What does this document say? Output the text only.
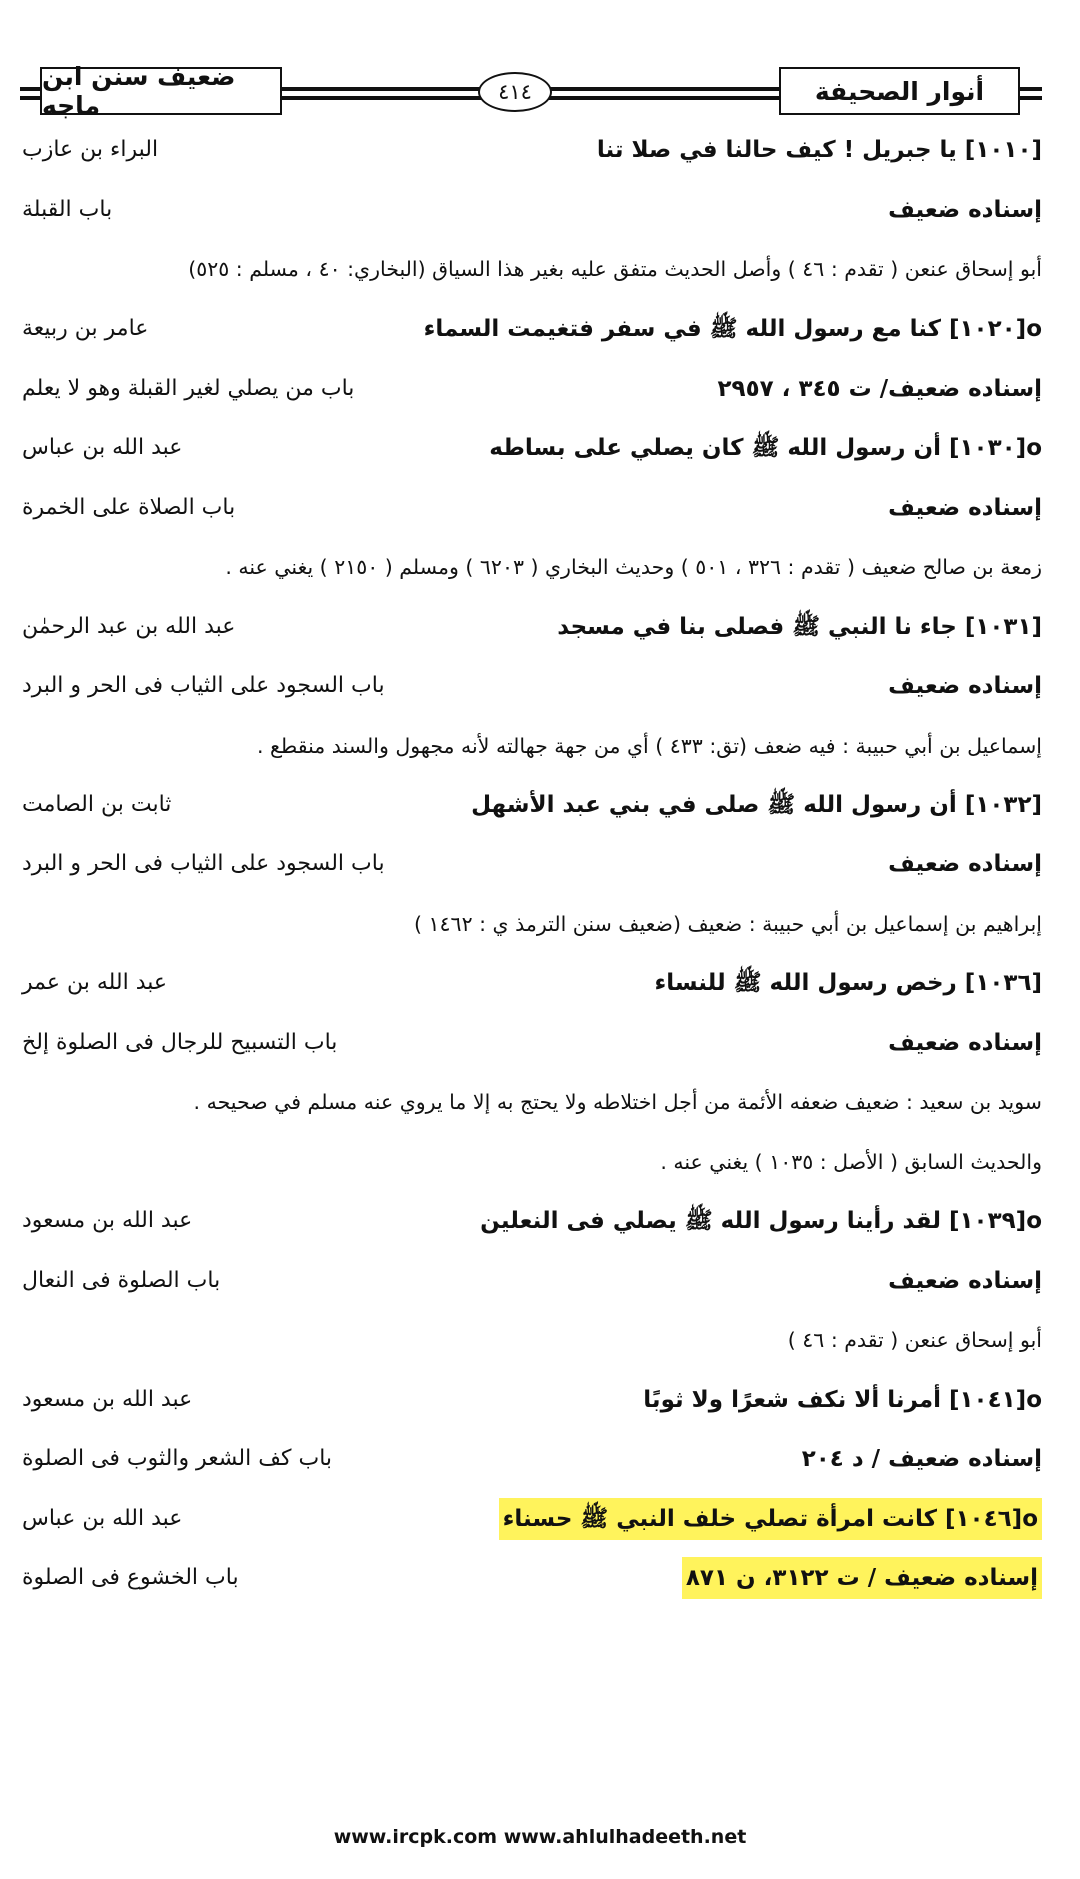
أنوار الصحيفة
ضعيف سنن ابن ماجه	٤١٤
[١٠١٠] يا جبريل ! كيف حالنا في صلا تنا
البراء بن عازب
إسناده ضعيف
باب القبلة
أبو إسحاق عنعن ( تقدم : ٤٦ ) وأصل الحديث متفق عليه بغير هذا السياق (البخاري: ٤٠ ، مسلم : ٥٢٥)
o[١٠٢٠] كنا مع رسول الله ﷺ في سفر فتغيمت السماء
عامر بن ربيعة
إسناده ضعيف/ ت ٣٤٥ ، ٢٩٥٧
باب من يصلي لغير القبلة وهو لا يعلم
o[١٠٣٠] أن رسول الله ﷺ كان يصلي على بساطه
عبد الله بن عباس
إسناده ضعيف
باب الصلاة على الخمرة
زمعة بن صالح ضعيف ( تقدم : ٣٢٦ ، ٥٠١ ) وحديث البخاري ( ٦٢٠٣ ) ومسلم ( ٢١٥٠ ) يغني عنه .
[١٠٣١] جاء نا النبي ﷺ فصلى بنا في مسجد
عبد الله بن عبد الرحمٰن
إسناده ضعيف
باب السجود على الثياب فى الحر و البرد
إسماعيل بن أبي حبيبة : فيه ضعف (تق: ٤٣٣ ) أي من جهة جهالته لأنه مجهول والسند منقطع .
[١٠٣٢] أن رسول الله ﷺ صلى في بني عبد الأشهل
ثابت بن الصامت
إسناده ضعيف
باب السجود على الثياب فى الحر و البرد
إبراهيم بن إسماعيل بن أبي حبيبة : ضعيف (ضعيف سنن الترمذ ي : ١٤٦٢ )
[١٠٣٦] رخص رسول الله ﷺ للنساء
عبد الله بن عمر
إسناده ضعيف
باب التسبيح للرجال فى الصلوة إلخ
سويد بن سعيد : ضعيف ضعفه الأئمة من أجل اختلاطه ولا يحتج به إلا ما يروي عنه مسلم في صحيحه .
والحديث السابق ( الأصل : ١٠٣٥ ) يغني عنه .
o[١٠٣٩] لقد رأينا رسول الله ﷺ يصلي فى النعلين
عبد الله بن مسعود
إسناده ضعيف
باب الصلوة فى النعال
أبو إسحاق عنعن ( تقدم : ٤٦ )
o[١٠٤١] أمرنا ألا نكف شعرًا ولا ثوبًا
عبد الله بن مسعود
إسناده ضعيف / د ٢٠٤
باب كف الشعر والثوب فى الصلوة
o[١٠٤٦] كانت امرأة تصلي خلف النبي ﷺ حسناء
عبد الله بن عباس
إسناده ضعيف / ت ٣١٢٢، ن ٨٧١
باب الخشوع فى الصلوة
www.ircpk.com www.ahlulhadeeth.net
